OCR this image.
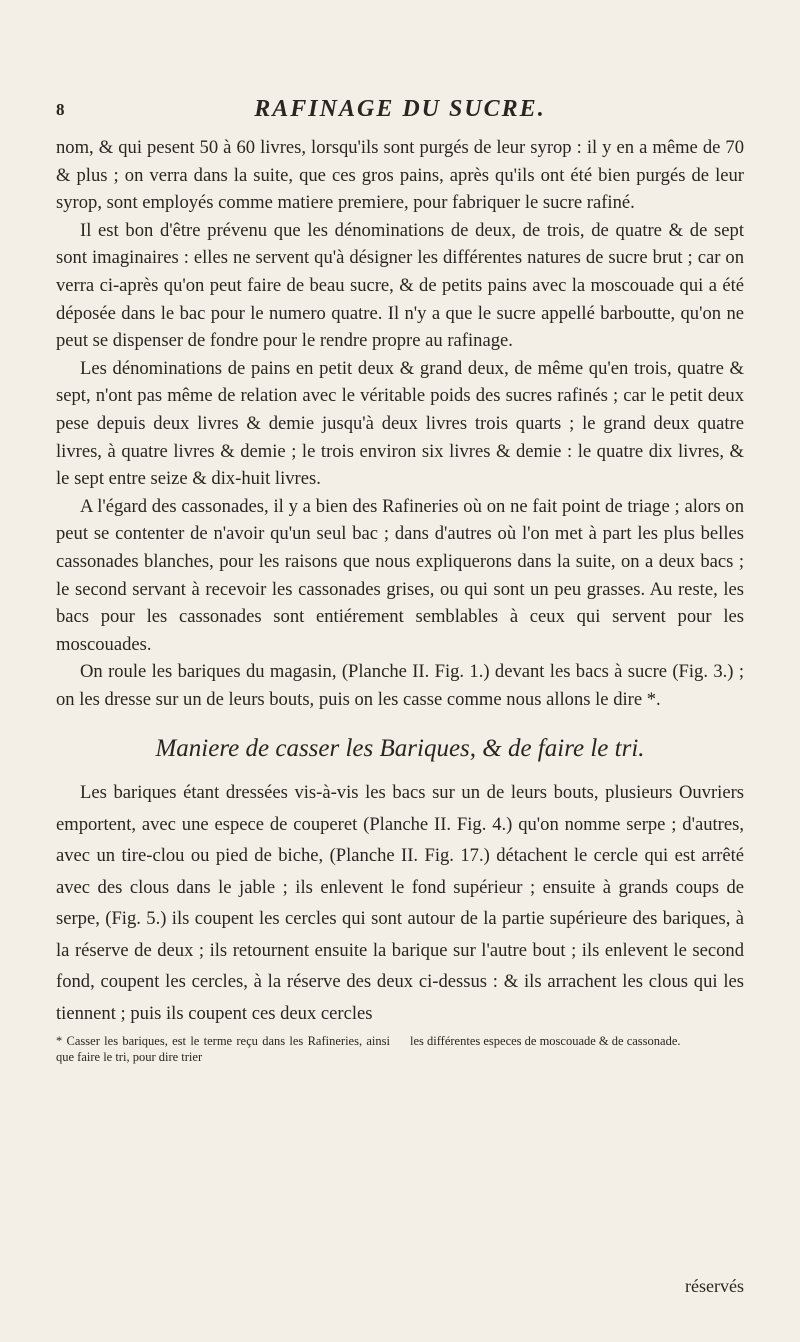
8	RAFINAGE DU SUCRE.

nom, & qui pesent 50 à 60 livres, lorsqu'ils sont purgés de leur syrop : il y en a même de 70 & plus ; on verra dans la suite, que ces gros pains, après qu'ils ont été bien purgés de leur syrop, sont employés comme matiere premiere, pour fabriquer le sucre rafiné.

Il est bon d'être prévenu que les dénominations de deux, de trois, de quatre & de sept sont imaginaires : elles ne servent qu'à désigner les différentes natures de sucre brut ; car on verra ci-après qu'on peut faire de beau sucre, & de petits pains avec la moscouade qui a été déposée dans le bac pour le numero quatre. Il n'y a que le sucre appellé barboutte, qu'on ne peut se dispenser de fondre pour le rendre propre au rafinage.

Les dénominations de pains en petit deux & grand deux, de même qu'en trois, quatre & sept, n'ont pas même de relation avec le véritable poids des sucres rafinés ; car le petit deux pese depuis deux livres & demie jusqu'à deux livres trois quarts ; le grand deux quatre livres, à quatre livres & demie ; le trois environ six livres & demie : le quatre dix livres, & le sept entre seize & dix-huit livres.

A l'égard des cassonades, il y a bien des Rafineries où on ne fait point de triage ; alors on peut se contenter de n'avoir qu'un seul bac ; dans d'autres où l'on met à part les plus belles cassonades blanches, pour les raisons que nous expliquerons dans la suite, on a deux bacs ; le second servant à recevoir les cassonades grises, ou qui sont un peu grasses. Au reste, les bacs pour les cassonades sont entiérement semblables à ceux qui servent pour les moscouades.

On roule les bariques du magasin, (Planche II. Fig. 1.) devant les bacs à sucre (Fig. 3.) ; on les dresse sur un de leurs bouts, puis on les casse comme nous allons le dire *.

Maniere de casser les Bariques, & de faire le tri.

Les bariques étant dressées vis-à-vis les bacs sur un de leurs bouts, plusieurs Ouvriers emportent, avec une espece de couperet (Planche II. Fig. 4.) qu'on nomme serpe ; d'autres, avec un tire-clou ou pied de biche, (Planche II. Fig. 17.) détachent le cercle qui est arrêté avec des clous dans le jable ; ils enlevent le fond supérieur ; ensuite à grands coups de serpe, (Fig. 5.) ils coupent les cercles qui sont autour de la partie supérieure des bariques, à la réserve de deux ; ils retournent ensuite la barique sur l'autre bout ; ils enlevent le second fond, coupent les cercles, à la réserve des deux ci-dessus : & ils arrachent les clous qui les tiennent ; puis ils coupent ces deux cercles

* Casser les bariques, est le terme reçu dans les Rafineries, ainsi que faire le tri, pour dire trier
les différentes especes de moscouade & de cassonade.
réservés
